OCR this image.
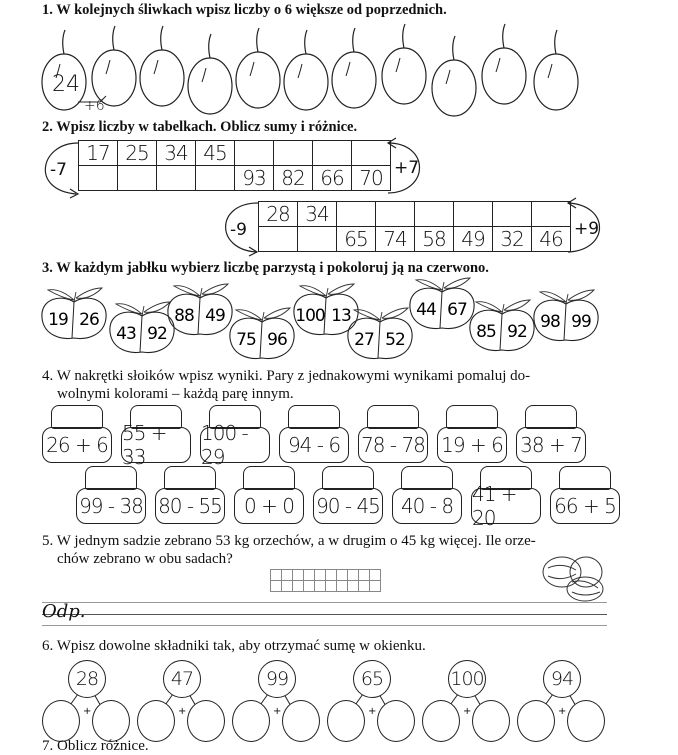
1. W kolejnych śliwkach wpisz liczby o 6 większe od poprzednich.
24
+6
2. Wpisz liczby w tabelkach. Oblicz sumy i różnice.
-7	+7
-9	+9
17	25	34	45				
				93	82	66	70
28	34						
		65	74	58	49	32	46
3. W każdym jabłku wybierz liczbę parzystą i pokoloruj ją na czerwono.
19 26
43 92
88 49
75 96
100 13
27 52
44 67
85 92 98 99
4. W nakrętki słoików wpisz wyniki. Pary z jednakowymi wynikami pomaluj do-
wolnymi kolorami – każdą parę innym.
26 + 6 55 + 33
100 - 29	94 - 6	78 - 78 19 + 6 38 + 7
99 - 38 80 - 55	0 + 0	90 - 45	40 - 8 41 + 20	66 + 5
5. W jednym sadzie zebrano 53 kg orzechów, a w drugim o 45 kg więcej. Ile orze-
chów zebrano w obu sadach?

Odp.
6. Wpisz dowolne składniki tak, aby otrzymać sumę w okienku.
+
28
+
47
+
99
+
65
+
100
+
94
7. Oblicz różnice.
